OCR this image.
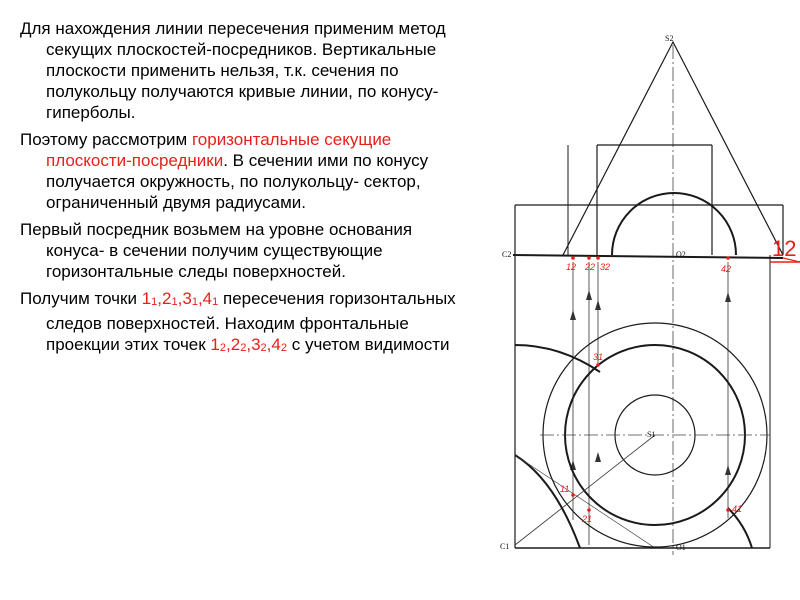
S2
C2	O2
S1
C1	O1
12 22 32	42
31
11
21
41
12

Для нахождения линии пересечения применим метод секущих плоскостей-посредников. Вертикальные плоскости применить нельзя, т.к. сечения по полукольцу получаются кривые линии, по конусу- гиперболы.

Поэтому рассмотрим горизонтальные секущие плоскости-посредники. В сечении ими по конусу получается окружность, по полукольцу- сектор, ограниченный двумя радиусами.

Первый посредник возьмем на уровне основания конуса- в сечении получим существующие горизонтальные следы поверхностей.

Получим точки $1_1,2_1,3_1,4_1$ пересечения горизонтальных следов поверхностей. Находим фронтальные проекции этих точек $1_2,2_2,3_2,4_2$ с учетом видимости
